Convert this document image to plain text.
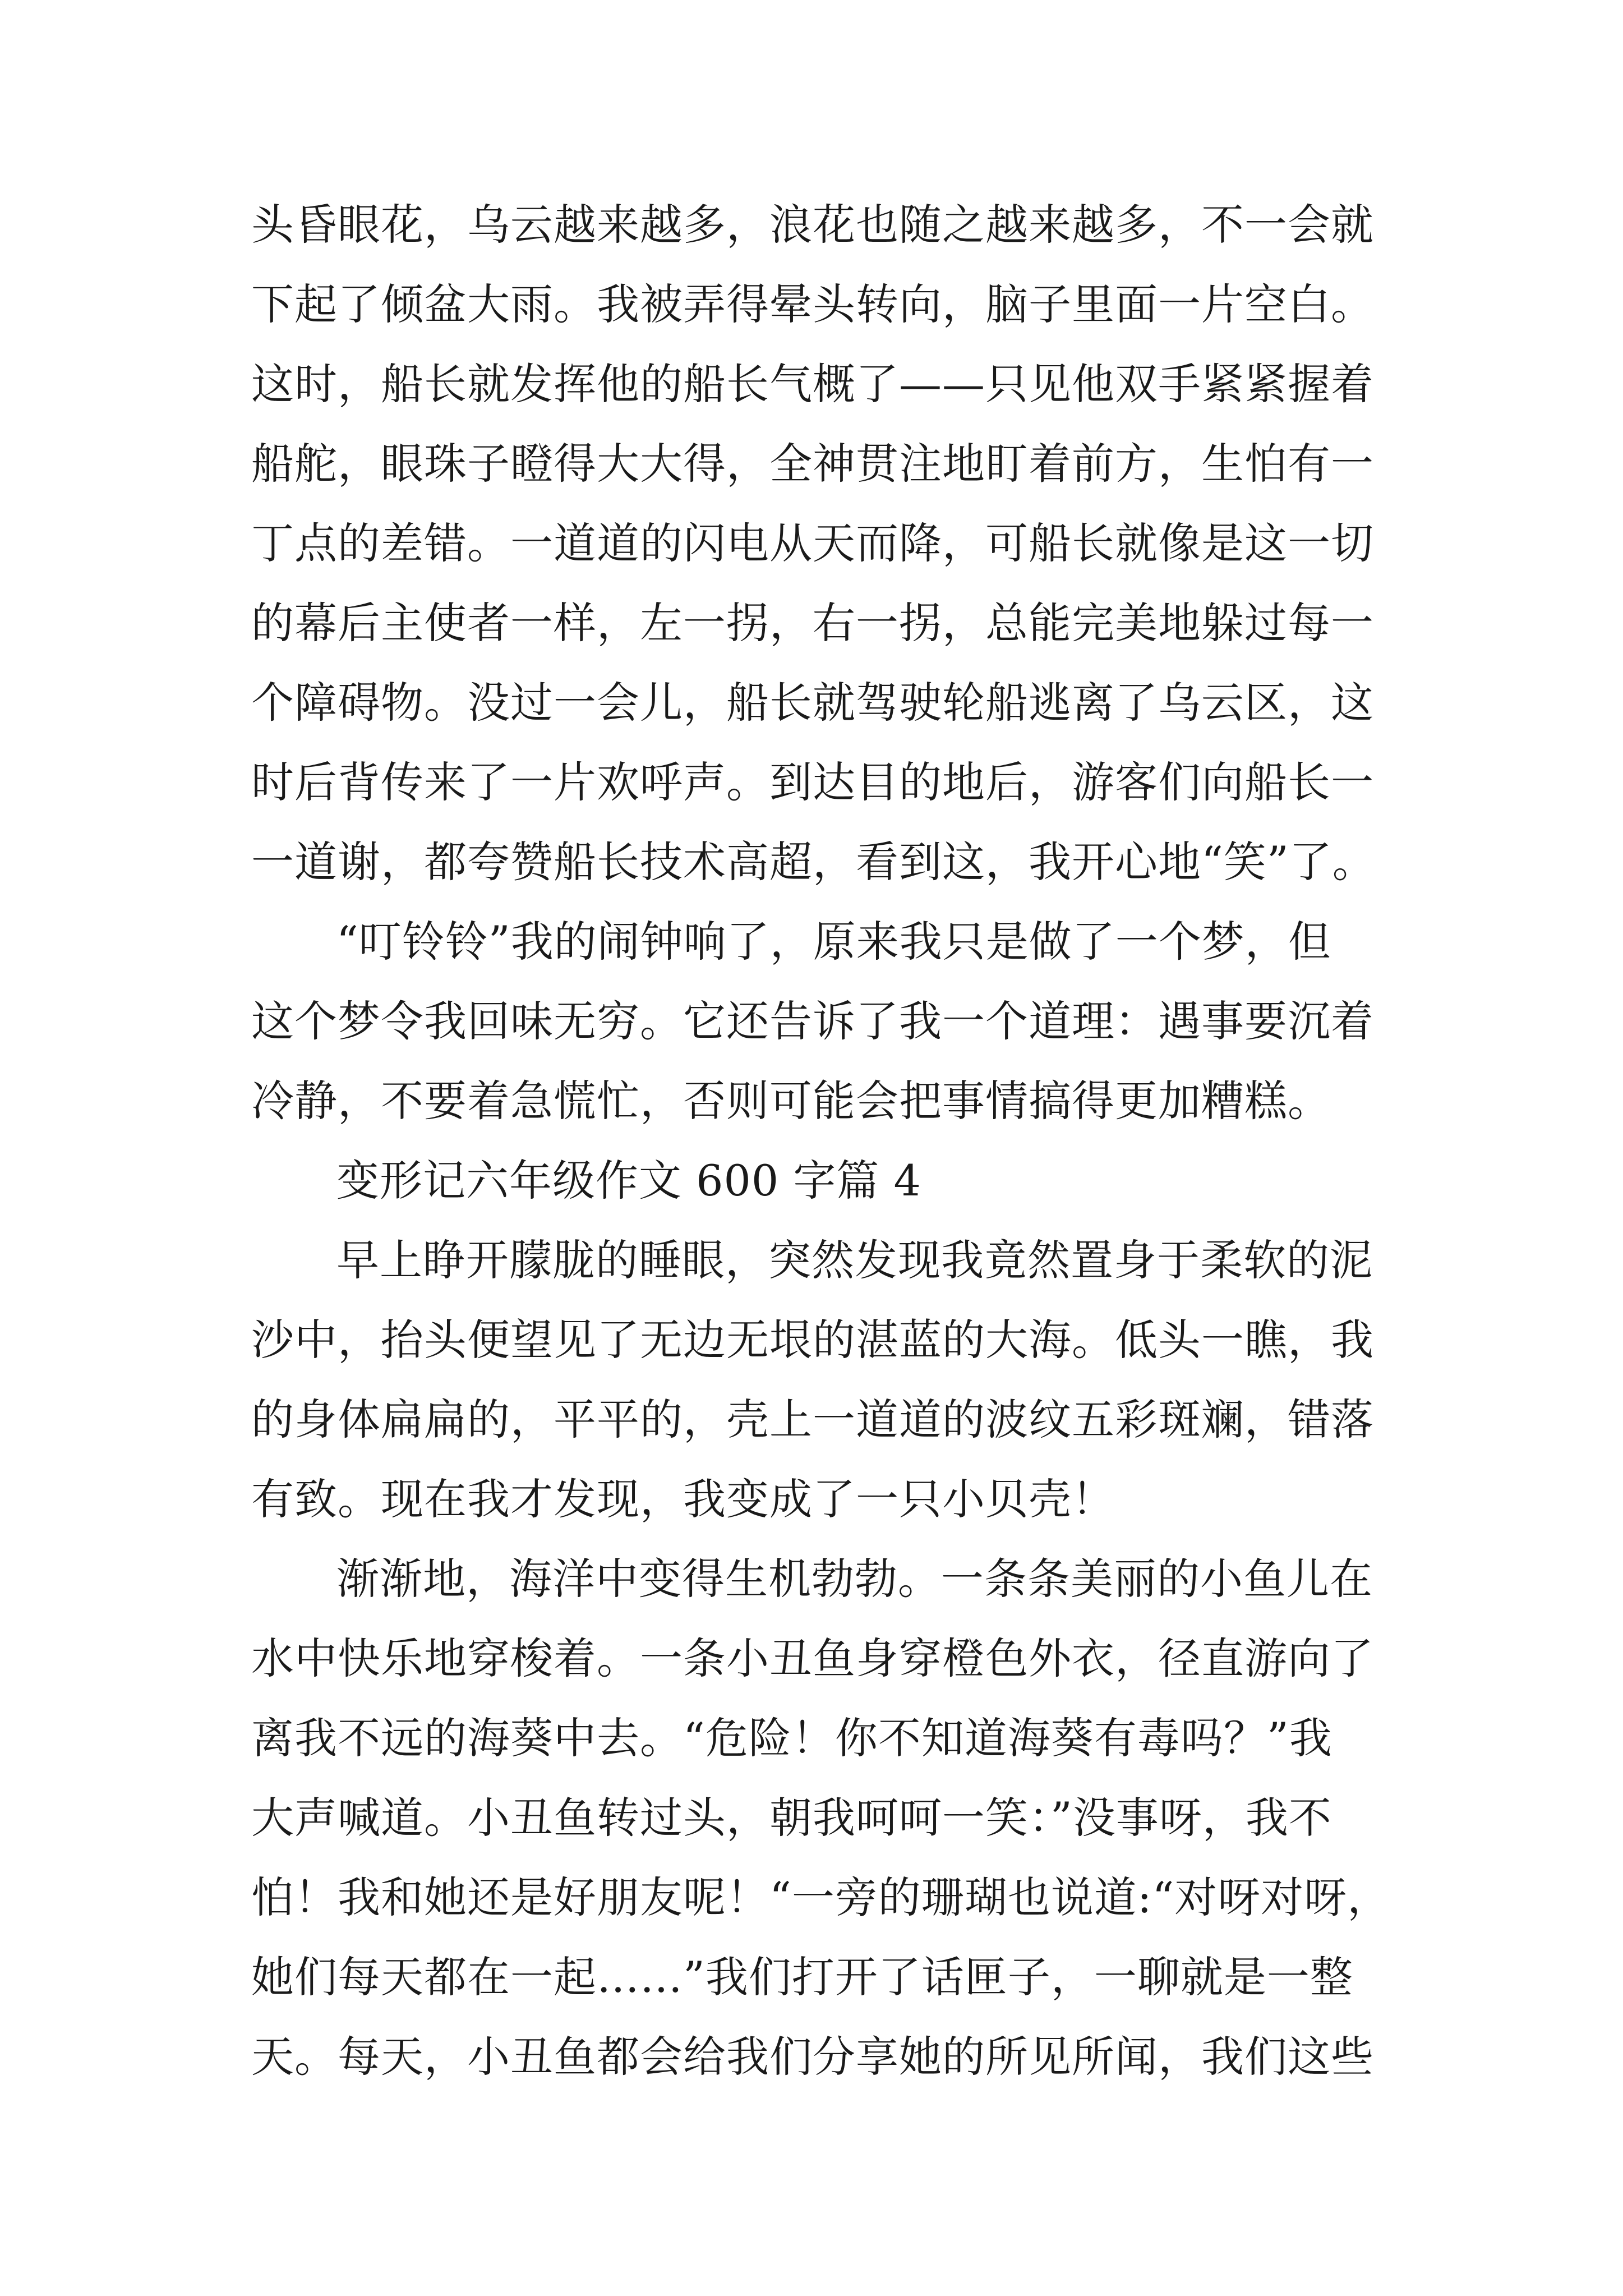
头昏眼花，乌云越来越多，浪花也随之越来越多，不一会就
下起了倾盆大雨。我被弄得晕头转向，脑子里面一片空白。
这时，船长就发挥他的船长气概了——只见他双手紧紧握着
船舵，眼珠子瞪得大大得，全神贯注地盯着前方，生怕有一
丁点的差错。一道道的闪电从天而降，可船长就像是这一切
的幕后主使者一样，左一拐，右一拐，总能完美地躲过每一
个障碍物。没过一会儿，船长就驾驶轮船逃离了乌云区，这
时后背传来了一片欢呼声。到达目的地后，游客们向船长一
一道谢，都夸赞船长技术高超，看到这，我开心地“笑”了。
“叮铃铃”我的闹钟响了，原来我只是做了一个梦，但
这个梦令我回味无穷。它还告诉了我一个道理：遇事要沉着
冷静，不要着急慌忙，否则可能会把事情搞得更加糟糕。
变形记六年级作文 600 字篇 4
早上睁开朦胧的睡眼，突然发现我竟然置身于柔软的泥
沙中，抬头便望见了无边无垠的湛蓝的大海。低头一瞧，我
的身体扁扁的，平平的，壳上一道道的波纹五彩斑斓，错落
有致。现在我才发现，我变成了一只小贝壳！
渐渐地，海洋中变得生机勃勃。一条条美丽的小鱼儿在
水中快乐地穿梭着。一条小丑鱼身穿橙色外衣，径直游向了
离我不远的海葵中去。“危险！你不知道海葵有毒吗？”我
大声喊道。小丑鱼转过头，朝我呵呵一笑：”没事呀，我不
怕！我和她还是好朋友呢！“一旁的珊瑚也说道:“对呀对呀，
她们每天都在一起……”我们打开了话匣子，一聊就是一整
天。每天，小丑鱼都会给我们分享她的所见所闻，我们这些
